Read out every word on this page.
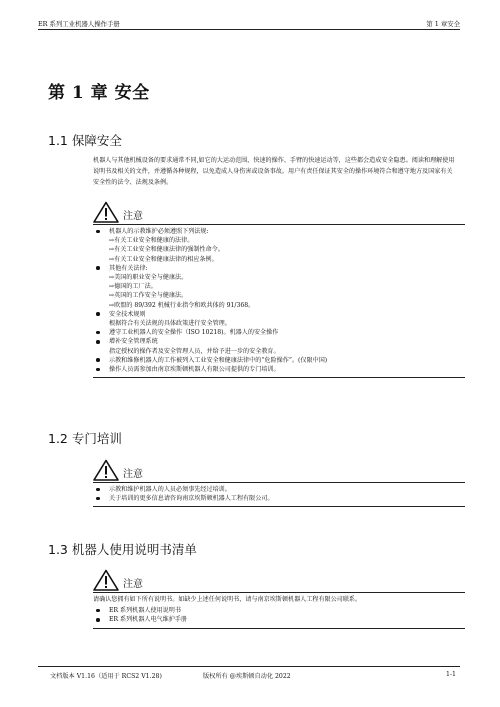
ER 系列工业机器人操作手册	第 1 章安全
第 1 章 安全
1.1 保障安全

机器人与其他机械设备的要求通常不同,如它的大运动范围、快速的操作、手臂的快速运动等，这些都会造成安全隐患。阅读和理解使用说明书及相关的文件，并遵循各种规程，以免造成人身伤害或设备事故。用户有责任保证其安全的操作环境符合和遵守地方及国家有关安全性的法令、法规及条例。

注意
机器人的示教维护必须遵照下列法规:
⇨有关工业安全和健康的法律。
⇨有关工业安全和健康法律的强制性命令。
⇨有关工业安全和健康法律的相应条例。
其他有关法律:
⇨美国的职业安全与健康法。
⇨德国的工厂法。
⇨英国的工作安全与健康法。
⇨欧盟的 89/392 机械行业指令和欧共体的 91/368。
安全技术规则
根据符合有关法规的具体政策进行安全管理。
遵守工业机器人的安全操作（ISO 10218)。机器人的安全操作
增补安全管理系统
指定授权的操作者及安全管理人员，并给予进一步的安全教育。
示教和维修机器人的工作被列入工业安全和健康法律中的“危险操作”。(仅限中国)
操作人员需参加由南京埃斯顿机器人有限公司提供的专门培训。
1.2 专门培训
注意
示教和维护机器人的人员必须事先经过培训。
关于培训的更多信息请咨询南京埃斯顿机器人工程有限公司。
1.3 机器人使用说明书清单
注意
请确认您拥有如下所有说明书。如缺少上述任何说明书，请与南京埃斯顿机器人工程有限公司联系。
ER 系列机器人使用说明书
ER 系列机器人电气维护手册
文档版本 V1.16（适用于 RCS2 V1.28)	版权所有 @埃斯顿自动化 2022	1-1
